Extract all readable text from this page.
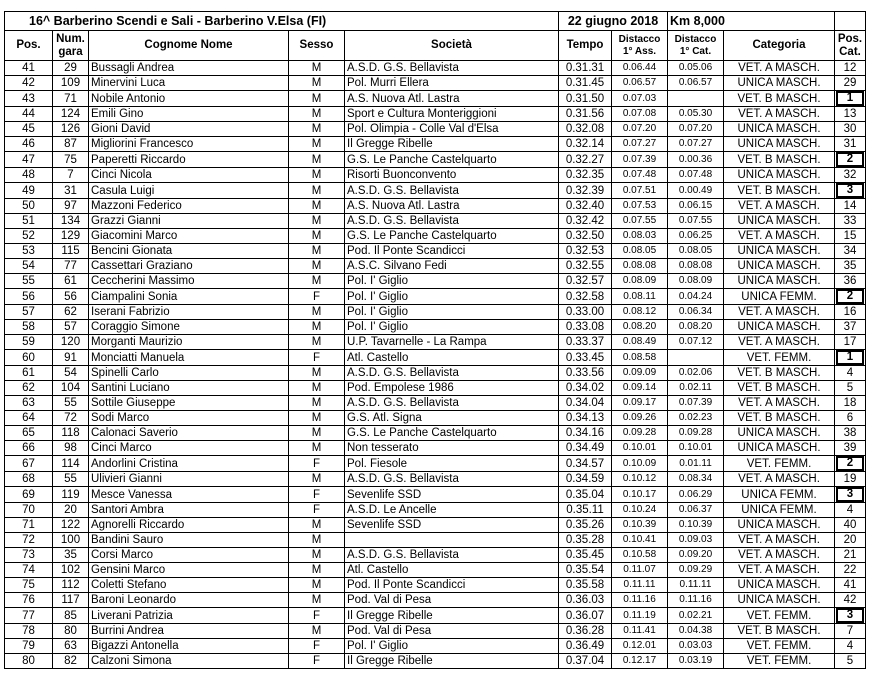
16^ Barberino Scendi e Sali - Barberino V.Elsa (FI)					22 giugno 2018		Km 8,000		
Pos.	Num. gara	Cognome Nome	Sesso	Società	Tempo	Distacco 1° Ass.	Distacco 1° Cat.	Categoria	Pos. Cat.
41	29	Bussagli Andrea	M	A.S.D. G.S. Bellavista	0.31.31	0.06.44	0.05.06	VET. A MASCH.	12
42	109	Minervini Luca	M	Pol. Murri Ellera	0.31.45	0.06.57	0.06.57	UNICA MASCH.	29
43	71	Nobile Antonio	M	A.S. Nuova Atl. Lastra	0.31.50	0.07.03		VET. B MASCH.	1

44	124	Emili Gino	M	Sport e Cultura Monteriggioni	0.31.56	0.07.08	0.05.30	VET. A MASCH.	13
45	126	Gioni David	M	Pol. Olimpia - Colle Val d'Elsa	0.32.08	0.07.20	0.07.20	UNICA MASCH.	30
46	87	Migliorini Francesco	M	Il Gregge Ribelle	0.32.14	0.07.27	0.07.27	UNICA MASCH.	31
47	75	Paperetti Riccardo	M	G.S. Le Panche Castelquarto	0.32.27	0.07.39	0.00.36	VET. B MASCH.	2

48	7	Cinci Nicola	M	Risorti Buonconvento	0.32.35	0.07.48	0.07.48	UNICA MASCH.	32
49	31	Casula Luigi	M	A.S.D. G.S. Bellavista	0.32.39	0.07.51	0.00.49	VET. B MASCH.	3

50	97	Mazzoni Federico	M	A.S. Nuova Atl. Lastra	0.32.40	0.07.53	0.06.15	VET. A MASCH.	14
51	134	Grazzi Gianni	M	A.S.D. G.S. Bellavista	0.32.42	0.07.55	0.07.55	UNICA MASCH.	33
52	129	Giacomini Marco	M	G.S. Le Panche Castelquarto	0.32.50	0.08.03	0.06.25	VET. A MASCH.	15
53	115	Bencini Gionata	M	Pod. Il Ponte Scandicci	0.32.53	0.08.05	0.08.05	UNICA MASCH.	34
54	77	Cassettari Graziano	M	A.S.C. Silvano Fedi	0.32.55	0.08.08	0.08.08	UNICA MASCH.	35
55	61	Ceccherini Massimo	M	Pol. I' Giglio	0.32.57	0.08.09	0.08.09	UNICA MASCH.	36
56	56	Ciampalini Sonia	F	Pol. I' Giglio	0.32.58	0.08.11	0.04.24	UNICA FEMM.	2

57	62	Iserani Fabrizio	M	Pol. I' Giglio	0.33.00	0.08.12	0.06.34	VET. A MASCH.	16
58	57	Coraggio Simone	M	Pol. I' Giglio	0.33.08	0.08.20	0.08.20	UNICA MASCH.	37
59	120	Morganti Maurizio	M	U.P. Tavarnelle - La Rampa	0.33.37	0.08.49	0.07.12	VET. A MASCH.	17
60	91	Monciatti Manuela	F	Atl. Castello	0.33.45	0.08.58		VET. FEMM.	1

61	54	Spinelli Carlo	M	A.S.D. G.S. Bellavista	0.33.56	0.09.09	0.02.06	VET. B MASCH.	4
62	104	Santini Luciano	M	Pod. Empolese 1986	0.34.02	0.09.14	0.02.11	VET. B MASCH.	5
63	55	Sottile Giuseppe	M	A.S.D. G.S. Bellavista	0.34.04	0.09.17	0.07.39	VET. A MASCH.	18
64	72	Sodi Marco	M	G.S. Atl. Signa	0.34.13	0.09.26	0.02.23	VET. B MASCH.	6
65	118	Calonaci Saverio	M	G.S. Le Panche Castelquarto	0.34.16	0.09.28	0.09.28	UNICA MASCH.	38
66	98	Cinci Marco	M	Non tesserato	0.34.49	0.10.01	0.10.01	UNICA MASCH.	39
67	114	Andorlini Cristina	F	Pol. Fiesole	0.34.57	0.10.09	0.01.11	VET. FEMM.	2

68	55	Ulivieri Gianni	M	A.S.D. G.S. Bellavista	0.34.59	0.10.12	0.08.34	VET. A MASCH.	19
69	119	Mesce Vanessa	F	Sevenlife SSD	0.35.04	0.10.17	0.06.29	UNICA FEMM.	3

70	20	Santori Ambra	F	A.S.D. Le Ancelle	0.35.11	0.10.24	0.06.37	UNICA FEMM.	4
71	122	Agnorelli Riccardo	M	Sevenlife SSD	0.35.26	0.10.39	0.10.39	UNICA MASCH.	40
72	100	Bandini Sauro	M		0.35.28	0.10.41	0.09.03	VET. A MASCH.	20
73	35	Corsi Marco	M	A.S.D. G.S. Bellavista	0.35.45	0.10.58	0.09.20	VET. A MASCH.	21
74	102	Gensini Marco	M	Atl. Castello	0.35.54	0.11.07	0.09.29	VET. A MASCH.	22
75	112	Coletti Stefano	M	Pod. Il Ponte Scandicci	0.35.58	0.11.11	0.11.11	UNICA MASCH.	41
76	117	Baroni Leonardo	M	Pod. Val di Pesa	0.36.03	0.11.16	0.11.16	UNICA MASCH.	42
77	85	Liverani Patrizia	F	Il Gregge Ribelle	0.36.07	0.11.19	0.02.21	VET. FEMM.	3

78	80	Burrini Andrea	M	Pod. Val di Pesa	0.36.28	0.11.41	0.04.38	VET. B MASCH.	7
79	63	Bigazzi Antonella	F	Pol. I' Giglio	0.36.49	0.12.01	0.03.03	VET. FEMM.	4
80	82	Calzoni Simona	F	Il Gregge Ribelle	0.37.04	0.12.17	0.03.19	VET. FEMM.	5
